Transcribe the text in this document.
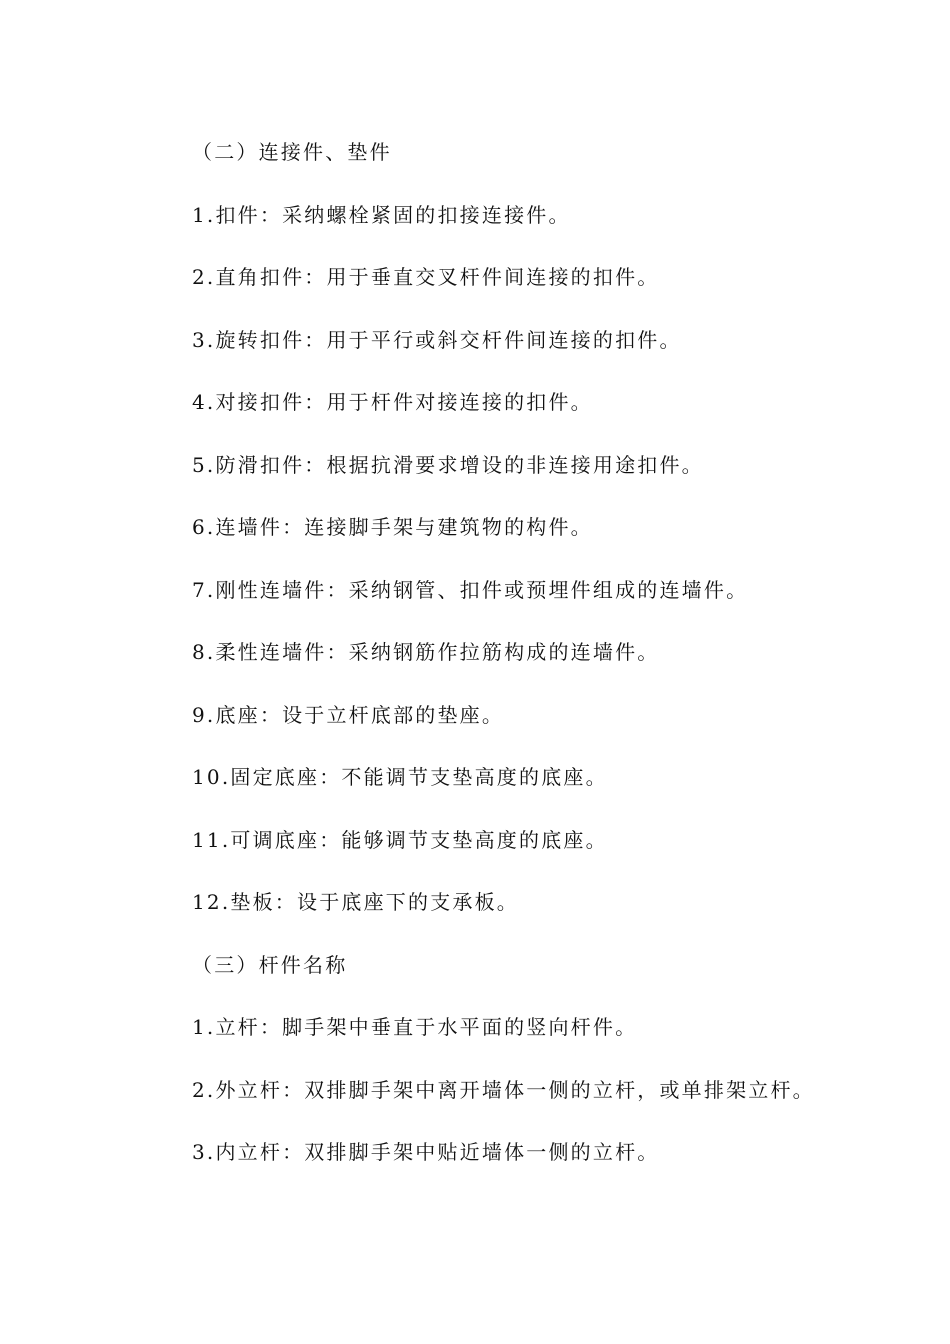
（二）连接件、垫件
1.扣件：采纳螺栓紧固的扣接连接件。
2.直角扣件：用于垂直交叉杆件间连接的扣件。
3.旋转扣件：用于平行或斜交杆件间连接的扣件。
4.对接扣件：用于杆件对接连接的扣件。
5.防滑扣件：根据抗滑要求增设的非连接用途扣件。
6.连墙件：连接脚手架与建筑物的构件。
7.刚性连墙件：采纳钢管、扣件或预埋件组成的连墙件。
8.柔性连墙件：采纳钢筋作拉筋构成的连墙件。
9.底座：设于立杆底部的垫座。
10.固定底座：不能调节支垫高度的底座。
11.可调底座：能够调节支垫高度的底座。
12.垫板：设于底座下的支承板。
（三）杆件名称
1.立杆：脚手架中垂直于水平面的竖向杆件。
2.外立杆：双排脚手架中离开墙体一侧的立杆，或单排架立杆。
3.内立杆：双排脚手架中贴近墙体一侧的立杆。
